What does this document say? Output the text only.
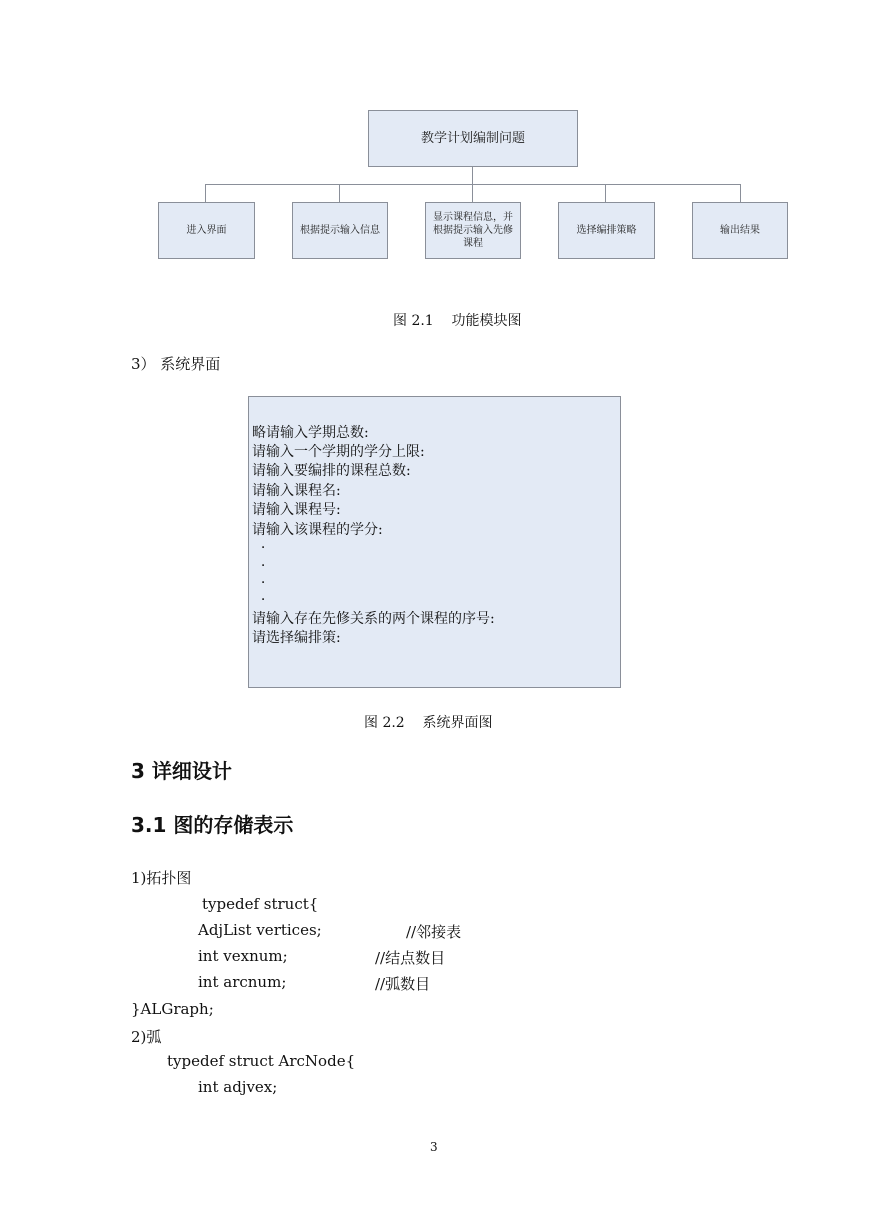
教学计划编制问题
进入界面	根据提示输入信息
显示课程信息，并根据提示输入先修课程
选择编排策略	输出结果
图 2.1    功能模块图
3） 系统界面
略请输入学期总数:
请输入一个学期的学分上限:
请输入要编排的课程总数:
请输入课程名:
请输入课程号:
请输入该课程的学分:
.
.
.
.
请输入存在先修关系的两个课程的序号:
请选择编排策:
图 2.2    系统界面图
3 详细设计
3.1 图的存储表示
1)拓扑图
typedef struct{
AdjList vertices;	//邻接表
int vexnum;	//结点数目
int arcnum;	//弧数目
}ALGraph;
2)弧
typedef struct ArcNode{
int adjvex;
3
